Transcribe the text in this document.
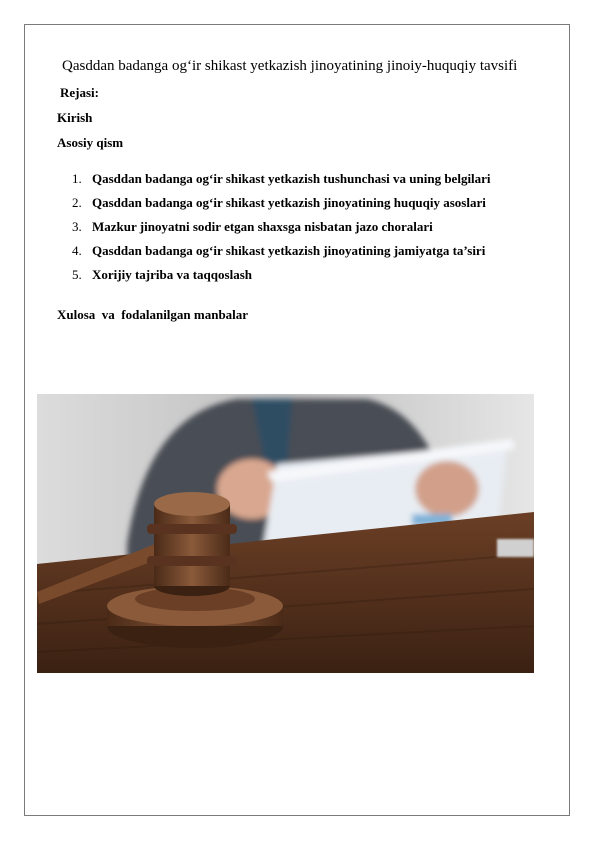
Qasddan badanga og‘ir shikast yetkazish jinoyatining jinoiy-huquqiy tavsifi
Rejasi:
Kirish
Asosiy qism
1. Qasddan badanga og‘ir shikast yetkazish tushunchasi va uning belgilari
2. Qasddan badanga og‘ir shikast yetkazish jinoyatining huquqiy asoslari
3. Mazkur jinoyatni sodir etgan shaxsga nisbatan jazo choralari
4. Qasddan badanga og‘ir shikast yetkazish jinoyatining jamiyatga ta’siri
5. Xorijiy tajriba va taqqoslash
Xulosa  va  fodalanilgan manbalar
